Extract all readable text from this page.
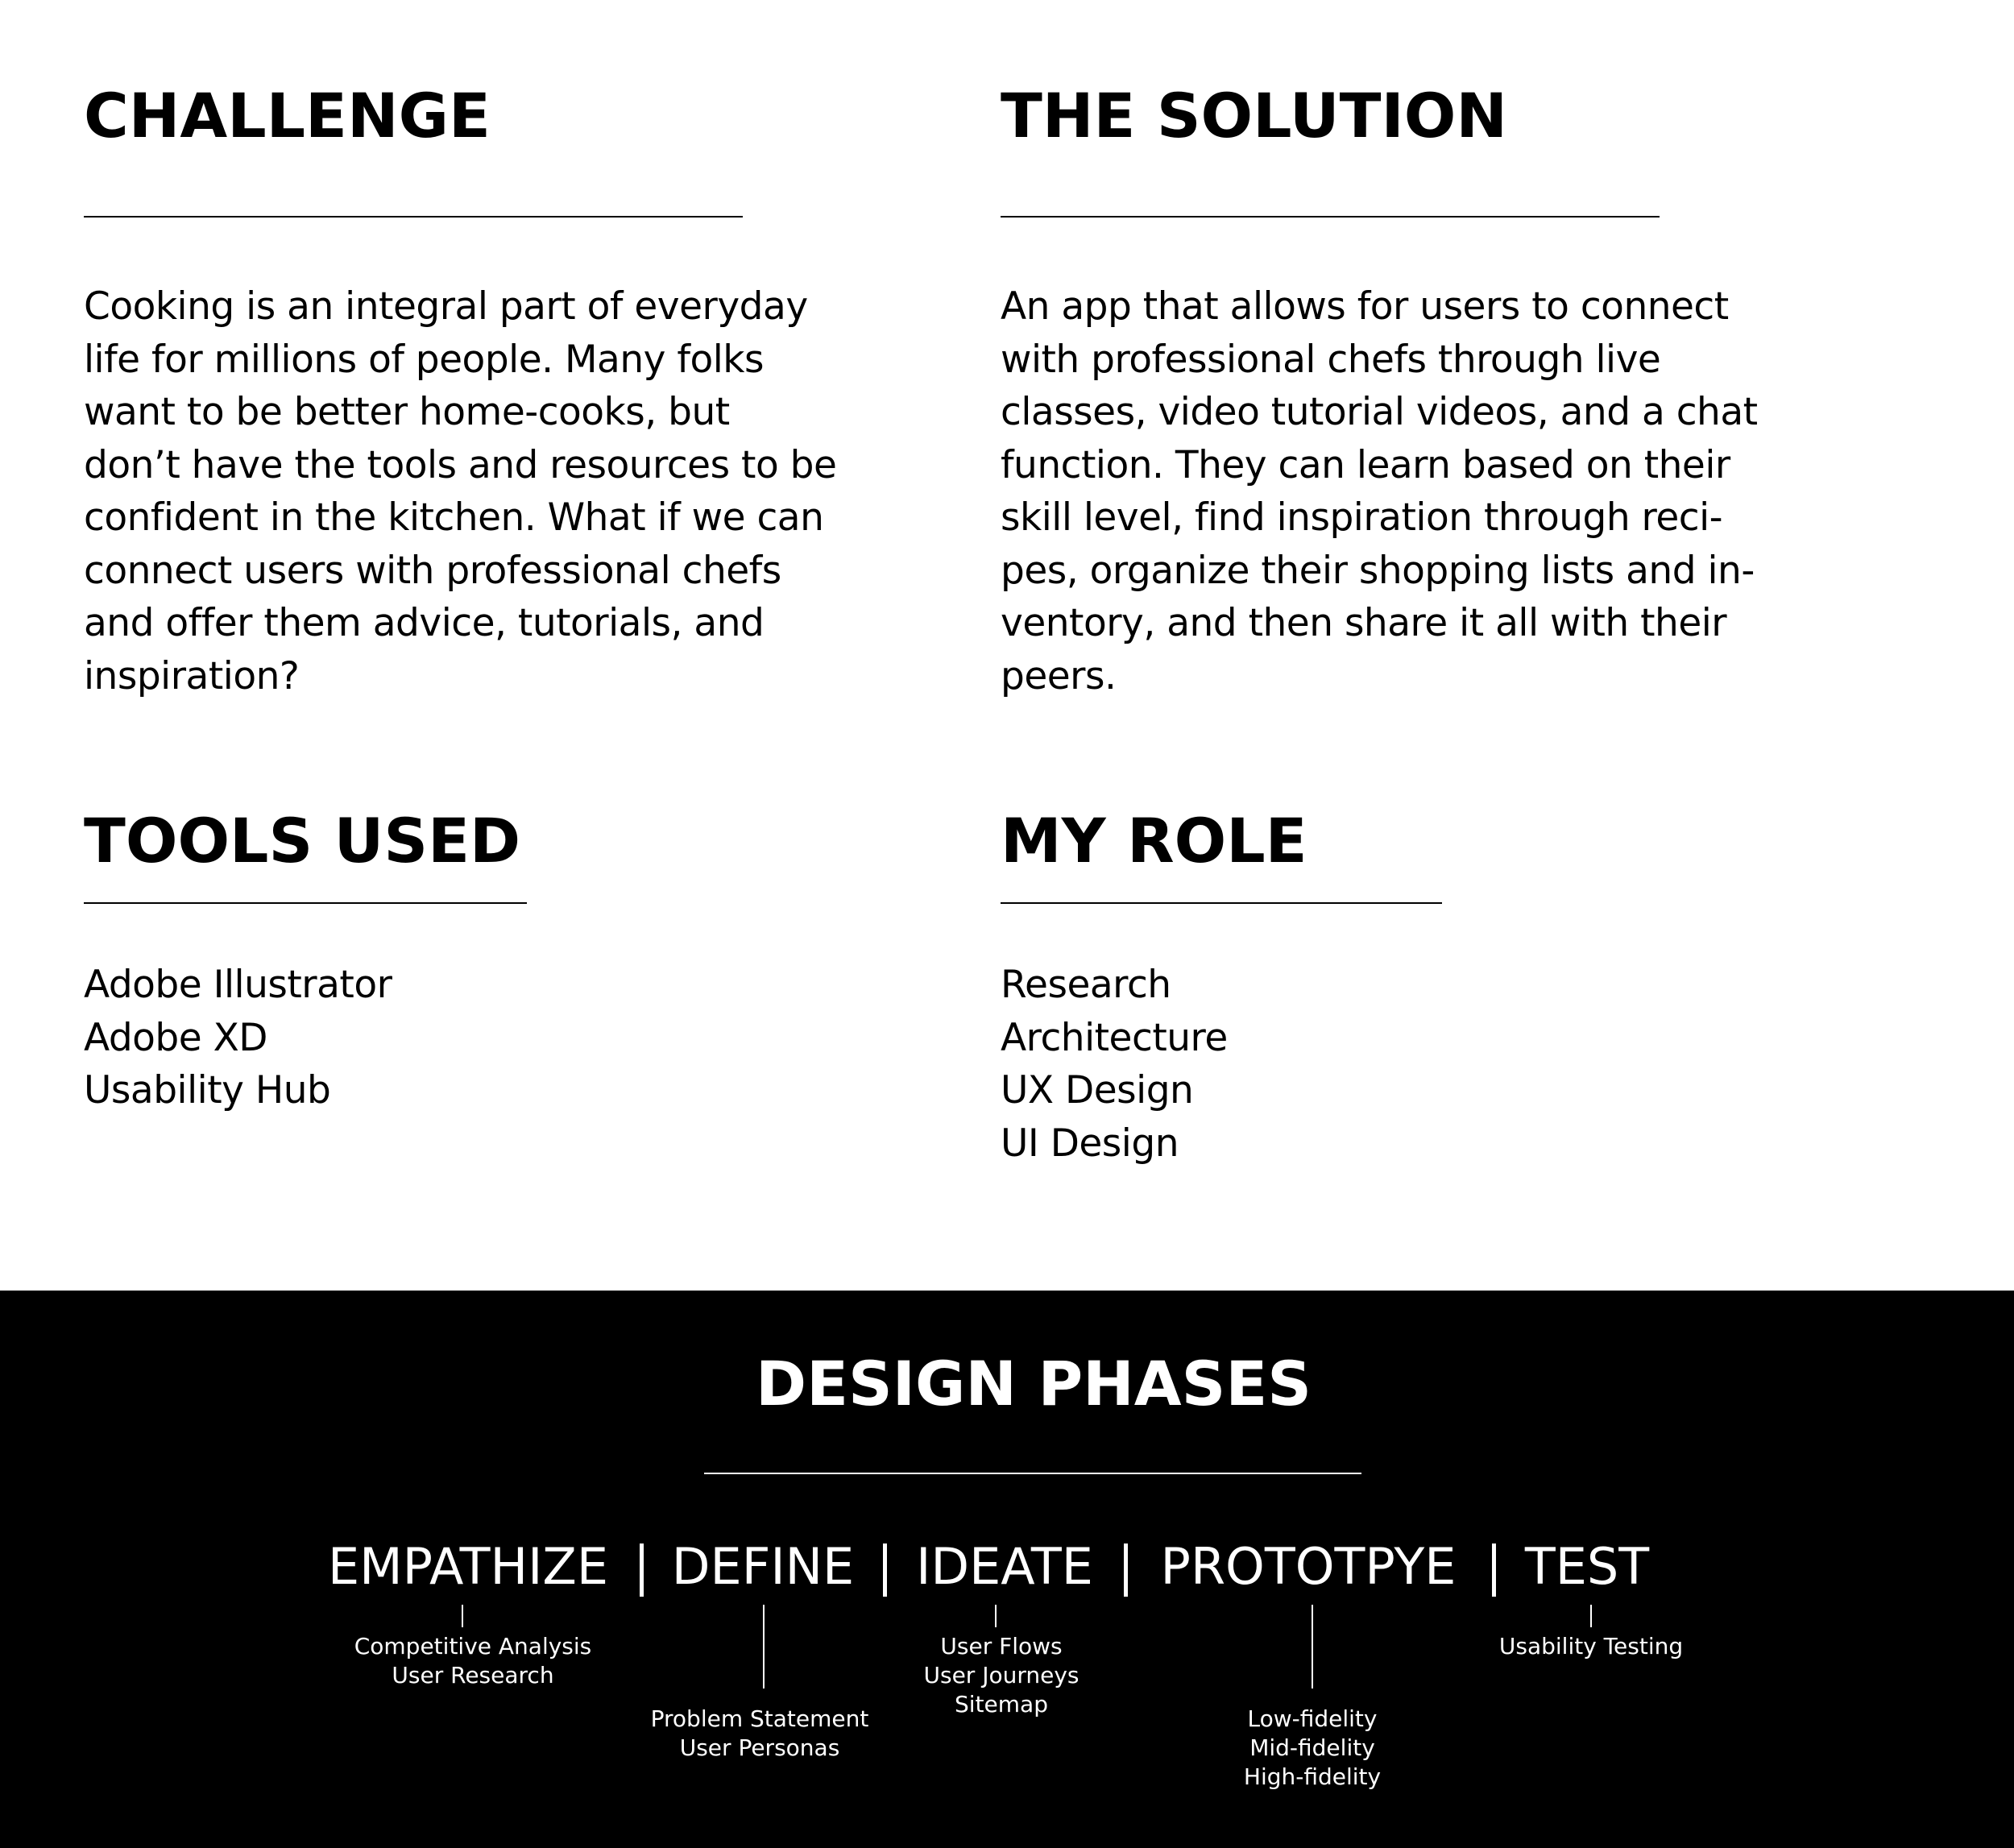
CHALLENGE

Cooking is an integral part of everyday

life for millions of people. Many folks

want to be better home-cooks, but

don’t have the tools and resources to be

confident in the kitchen. What if we can

connect users with professional chefs

and offer them advice, tutorials, and

inspiration?

THE SOLUTION

An app that allows for users to connect

with professional chefs through live

classes, video tutorial videos, and a chat

function. They can learn based on their

skill level, find inspiration through reci-

pes, organize their shopping lists and in-

ventory, and then share it all with their

peers.

TOOLS USED
Adobe Illustrator
Adobe XD
Usability Hub
MY ROLE
Research
Architecture
UX Design
UI Design
DESIGN PHASES
EMPATHIZE DEFINE IDEATE PROTOTPYE TEST
Competitive Analysis
User Research
Problem Statement
User Personas
User Flows
User Journeys
Sitemap
Low-fidelity
Mid-fidelity
High-fidelity
Usability Testing
